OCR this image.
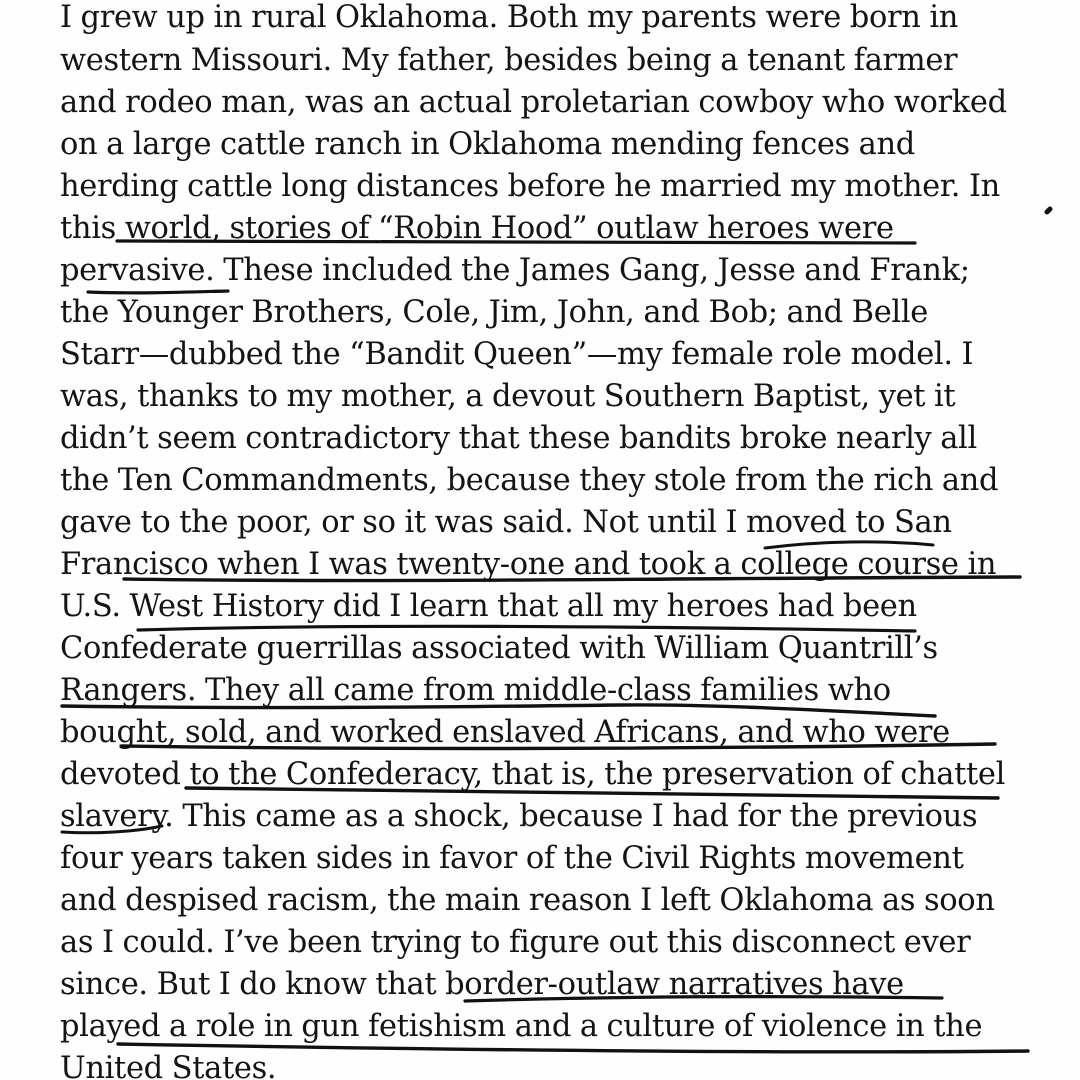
I grew up in rural Oklahoma. Both my parents were born in
western Missouri. My father, besides being a tenant farmer
and rodeo man, was an actual proletarian cowboy who worked
on a large cattle ranch in Oklahoma mending fences and
herding cattle long distances before he married my mother. In
this world, stories of “Robin Hood” outlaw heroes were
pervasive. These included the James Gang, Jesse and Frank;
the Younger Brothers, Cole, Jim, John, and Bob; and Belle
Starr—dubbed the “Bandit Queen”—my female role model. I
was, thanks to my mother, a devout Southern Baptist, yet it
didn’t seem contradictory that these bandits broke nearly all
the Ten Commandments, because they stole from the rich and
gave to the poor, or so it was said. Not until I moved to San
Francisco when I was twenty-one and took a college course in
U.S. West History did I learn that all my heroes had been
Confederate guerrillas associated with William Quantrill’s
Rangers. They all came from middle-class families who
bought, sold, and worked enslaved Africans, and who were
devoted to the Confederacy, that is, the preservation of chattel
slavery. This came as a shock, because I had for the previous
four years taken sides in favor of the Civil Rights movement
and despised racism, the main reason I left Oklahoma as soon
as I could. I’ve been trying to figure out this disconnect ever
since. But I do know that border-outlaw narratives have
played a role in gun fetishism and a culture of violence in the
United States.
